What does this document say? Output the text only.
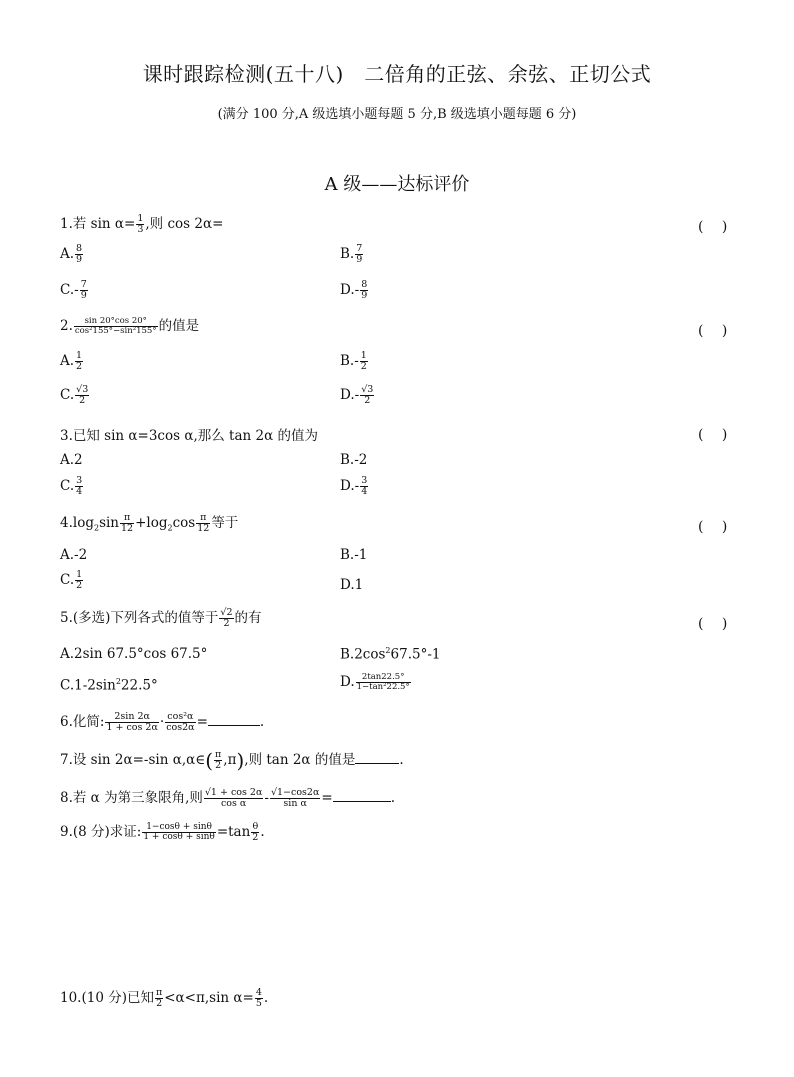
课时跟踪检测(五十八)　二倍角的正弦、余弦、正切公式
(满分 100 分,A 级选填小题每题 5 分,B 级选填小题每题 6 分)
A 级——达标评价
1.若 $\sin \alpha= \frac{1}{3}$ ,则 cos 2α=	(　 )
A. $\frac{8}{9}$	B. $\frac{7}{9}$
$C.- \frac{7}{9}$	$D.- \frac{8}{9}$
2. $\frac{\sin 20^\circ\cos 20^\circ}{\text{cos²155°−sin²155°}}$ 的值是	(　 )
A. $\frac{1}{2}$	$B.- \frac{1}{2}$
C. $\frac{√3}{2}$	$D.- \frac{√3}{2}$
3.已知 sin α=3cos α,那么 tan 2α 的值为	(　 )
A.2	B.-2
C. $\frac{3}{4}$	$D.- \frac{3}{4}$
$4.\log_2\sin \frac{\pi}{12} +\log_2\cos \frac{\pi}{12}$ 等于	(　 )
A.-2	B.-1
C. $\frac{1}{2}$	D.1
5.(多选)下列各式的值等于 $\frac{√2}{2}$ 的有	(　 )
A.2sin 67.5°cos 67.5°	$B.2\cos^267.5^\circ-1$
$C.1-2\sin^222.5^\circ$	D. $\frac{2\tan 22.5^\circ}{\text{1−tan²22.5°}}$
6.化简: $\frac{2\sin 2\alpha}{1 + \cos 2\alpha} \cdot \frac{\text{cos²α}}{\cos 2\alpha}$ =	.
7.设 sin 2α=-sin α,α∈( $\frac{\pi}{2} ,\pi$),则 tan 2α 的值是	.
8.若 α 为第三象限角,则 $\frac{√1 + \cos 2\alpha}{\text{cos α}} - \frac{√1-\cos 2\alpha}{\text{sin α}}$ =	.
9.(8 分)求证: $\frac{1-\cos\theta + \sin\theta}{1 + \cos\theta + \sin\theta} =\tan \frac{\theta}{2}$ .
10.(10 分)已知 $\frac{\pi}{2} <\alpha<\pi,\sin$ $\alpha= \frac{4}{5}$ .
